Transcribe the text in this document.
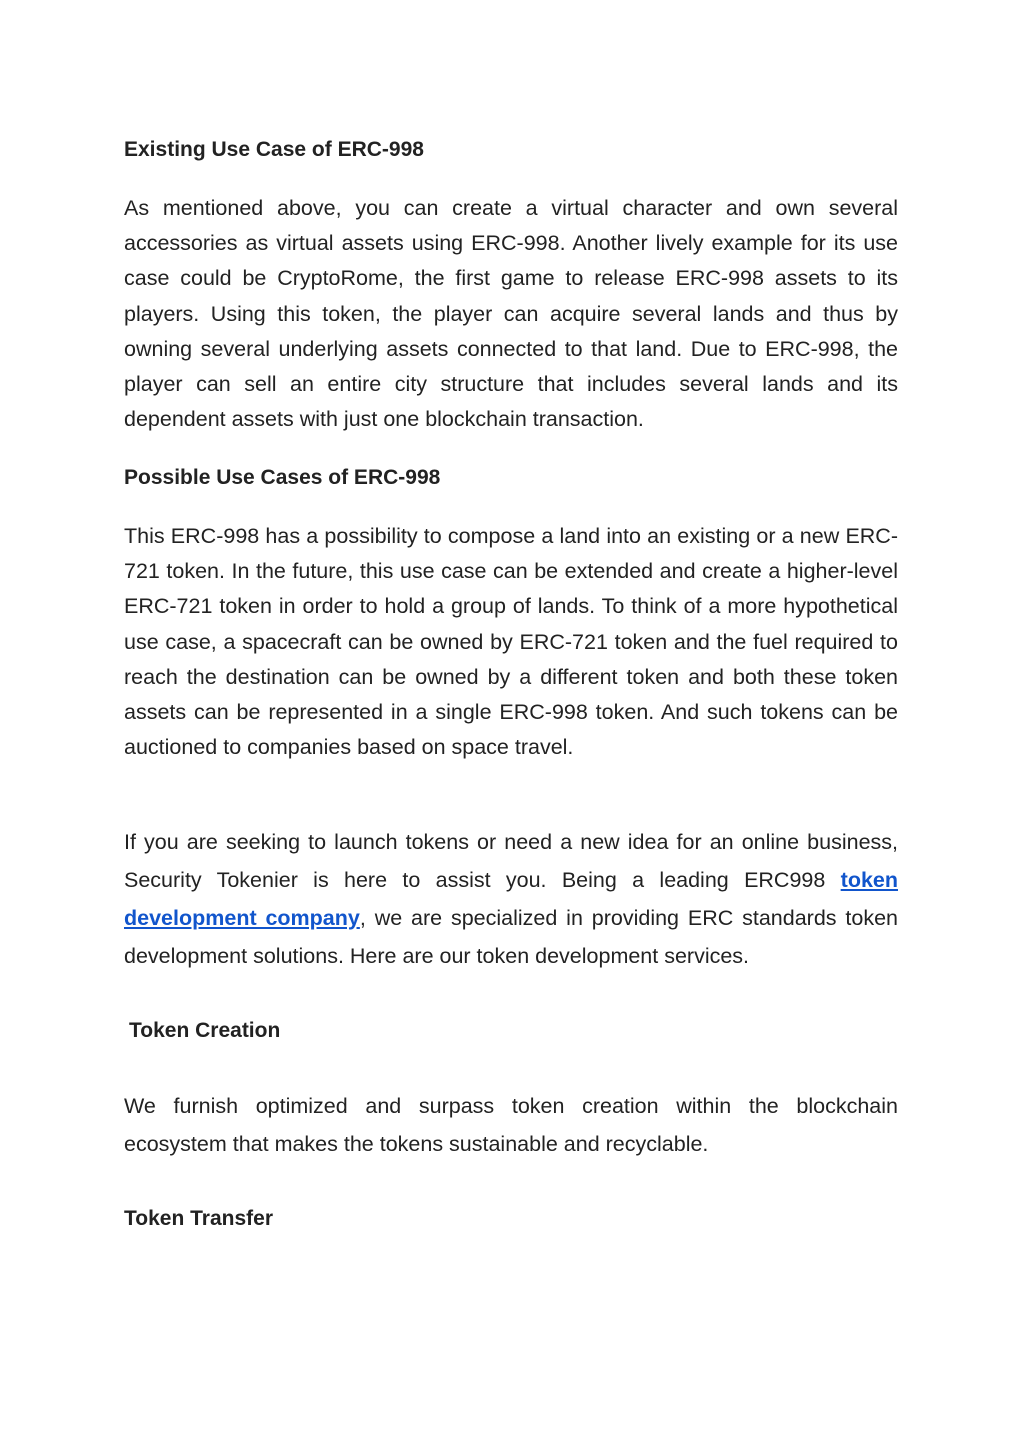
Existing Use Case of ERC-998

As mentioned above, you can create a virtual character and own several accessories as virtual assets using ERC-998. Another lively example for its use case could be CryptoRome, the first game to release ERC-998 assets to its players. Using this token, the player can acquire several lands and thus by owning several underlying assets connected to that land. Due to ERC-998, the player can sell an entire city structure that includes several lands and its dependent assets with just one blockchain transaction.

Possible Use Cases of ERC-998

This ERC-998 has a possibility to compose a land into an existing or a new ERC-721 token. In the future, this use case can be extended and create a higher-level ERC-721 token in order to hold a group of lands. To think of a more hypothetical use case, a spacecraft can be owned by ERC-721 token and the fuel required to reach the destination can be owned by a different token and both these token assets can be represented in a single ERC-998 token. And such tokens can be auctioned to companies based on space travel.

If you are seeking to launch tokens or need a new idea for an online business, Security Tokenier is here to assist you. Being a leading ERC998 token development company, we are specialized in providing ERC standards token development solutions. Here are our token development services.

Token Creation

We furnish optimized and surpass token creation within the blockchain ecosystem that makes the tokens sustainable and recyclable.

Token Transfer
